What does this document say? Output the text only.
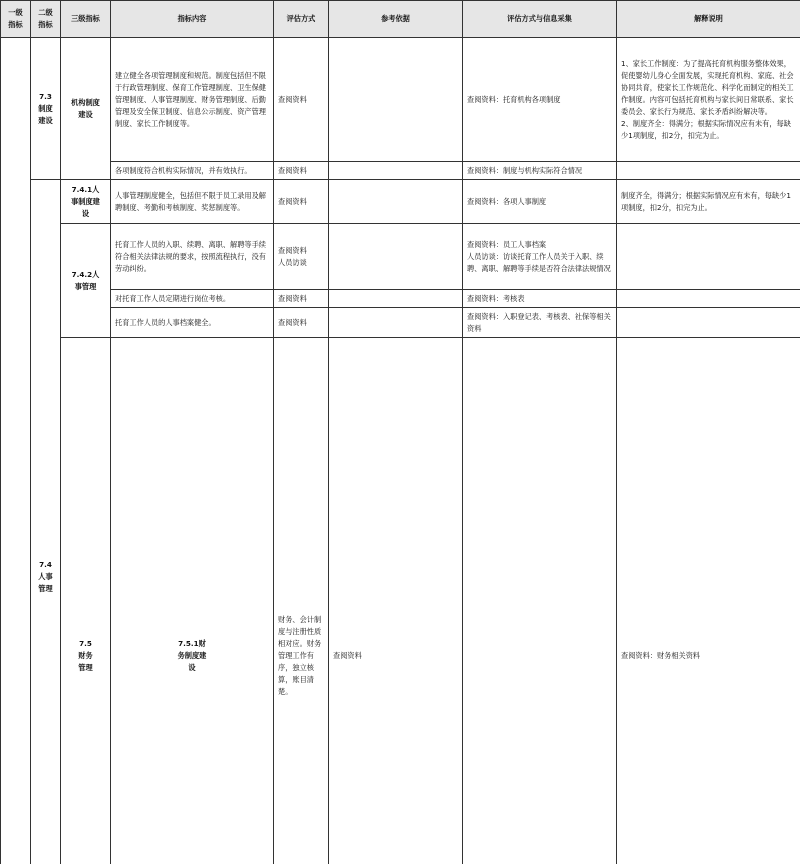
一级
指标	二级
指标	三级指标	指标内容	评估方式	参考依据	评估方式与信息采集	解释说明	
	7.3
制度
建设	机构制度
建设	建立健全各项管理制度和规范。制度包括但不限于行政管理制度、保育工作管理制度、卫生保健管理制度、人事管理制度、财务管理制度、后勤管理及安全保卫制度、信息公示制度、资产管理制度、家长工作制度等。	查阅资料		查阅资料：托育机构各项制度	1、家长工作制度：为了提高托育机构服务整体效果，促使婴幼儿身心全面发展，实现托育机构、家庭、社会协同共育，使家长工作规范化、科学化而制定的相关工作制度。内容可包括托育机构与家长间日常联系、家长委员会、家长行为规范、家长矛盾纠纷解决等。
2、制度齐全：得满分；根据实际情况应有未有，每缺少1项制度，扣2分，扣完为止。	
			各项制度符合机构实际情况，并有效执行。	查阅资料		查阅资料：制度与机构实际符合情况		
	7.4
人事
管理	7.4.1人
事制度建
设	人事管理制度健全，包括但不限于员工录用及解聘制度、考勤和考核制度、奖惩制度等。	查阅资料		查阅资料：各项人事制度	制度齐全，得满分；根据实际情况应有未有，每缺少1项制度，扣2分，扣完为止。	
		7.4.2人
事管理	托育工作人员的入职、续聘、离职、解聘等手续符合相关法律法规的要求，按照流程执行，没有劳动纠纷。	查阅资料
人员访谈		查阅资料：员工人事档案
人员访谈：访谈托育工作人员关于入职、续聘、离职、解聘等手续是否符合法律法规情况		
			对托育工作人员定期进行岗位考核。	查阅资料		查阅资料：考核表		
			托育工作人员的人事档案健全。	查阅资料		查阅资料：入职登记表、考核表、社保等相关资料		
		7.5
财务
管理	7.5.1财
务制度建
设	财务、会计制度与注册性质相对应。财务管理工作有序，独立核算，账目清楚。	查阅资料		查阅资料：财务相关资料	
